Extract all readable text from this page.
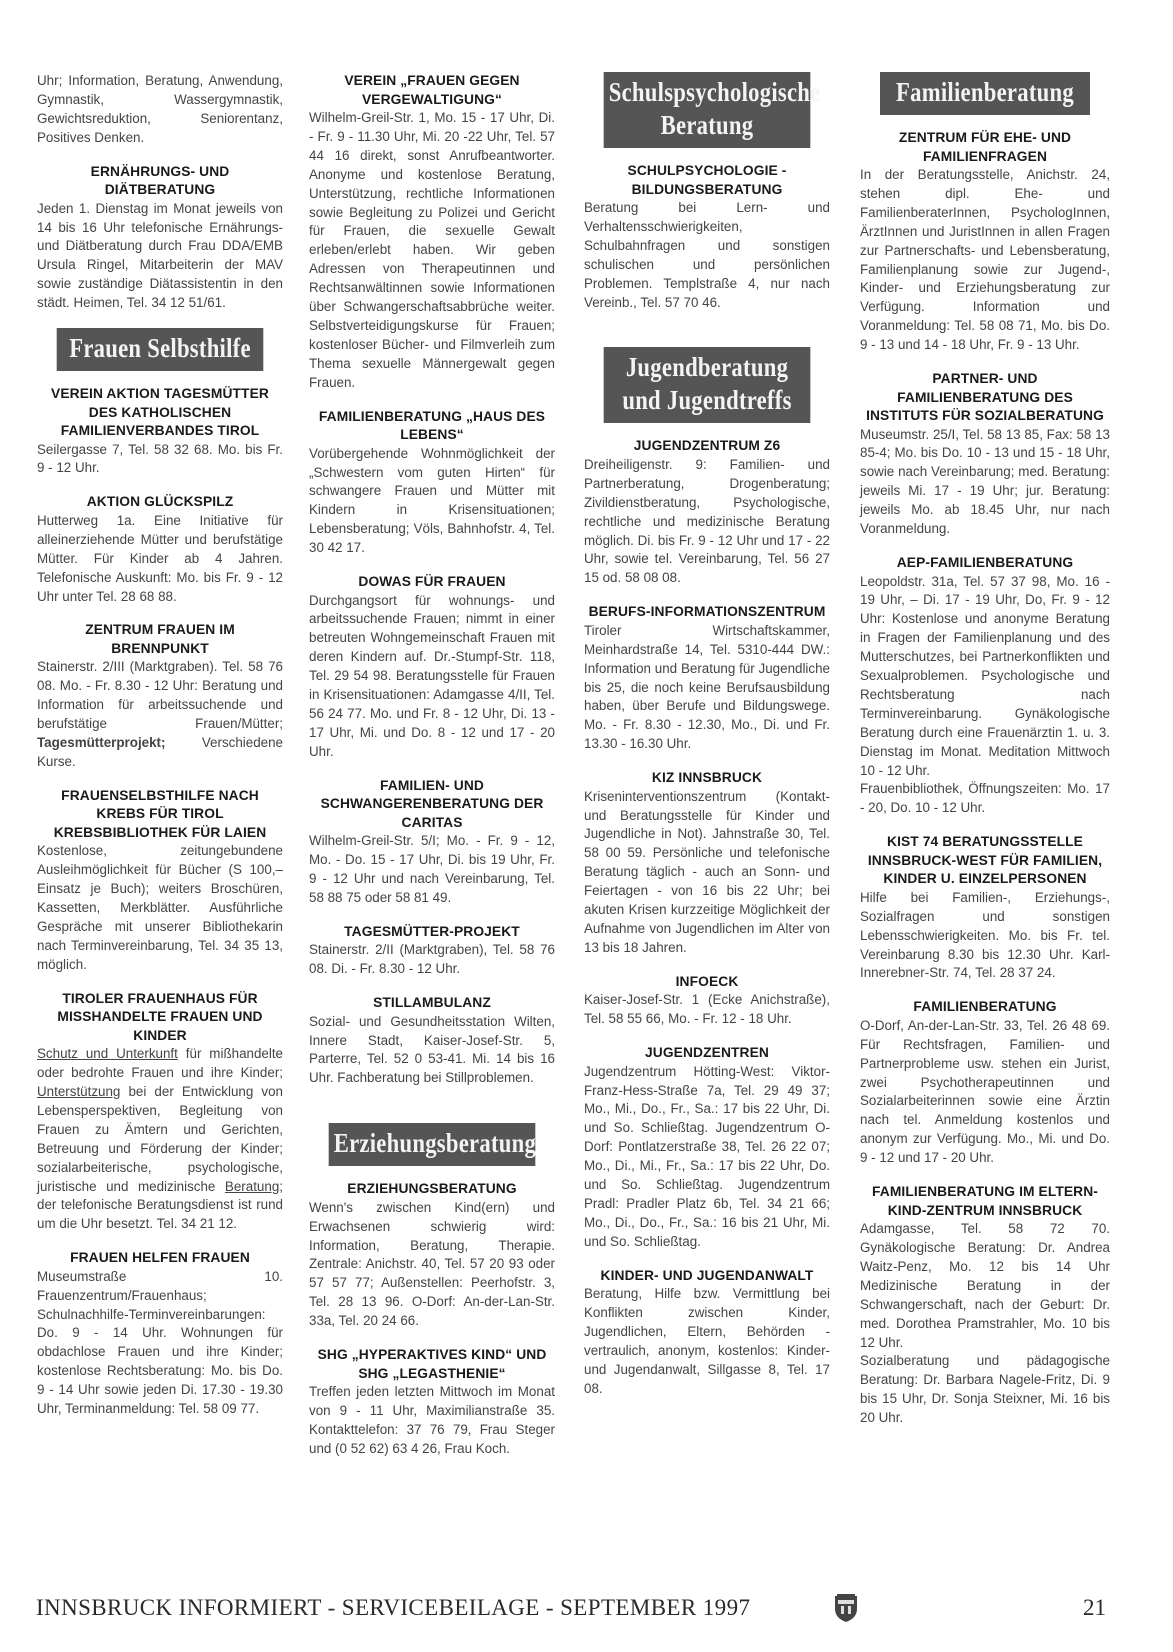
Uhr; Information, Beratung, Anwendung, Gymnastik, Wassergymnastik, Gewichtsreduktion, Seniorentanz, Positives Denken.
ERNÄHRUNGS- UND DIÄTBERATUNG
Jeden 1. Dienstag im Monat jeweils von 14 bis 16 Uhr telefonische Ernährungs- und Diätberatung durch Frau DDA/EMB Ursula Ringel, Mitarbeiterin der MAV sowie zuständige Diätassistentin in den städt. Heimen, Tel. 34 12 51/61.
Frauen Selbsthilfe
VEREIN AKTION TAGESMÜTTER DES KATHOLISCHEN FAMILIENVERBANDES TIROL
Seilergasse 7, Tel. 58 32 68. Mo. bis Fr. 9 - 12 Uhr.
AKTION GLÜCKSPILZ
Hutterweg 1a. Eine Initiative für alleinerziehende Mütter und berufstätige Mütter. Für Kinder ab 4 Jahren. Telefonische Auskunft: Mo. bis Fr. 9 - 12 Uhr unter Tel. 28 68 88.
ZENTRUM FRAUEN IM BRENNPUNKT
Stainerstr. 2/III (Marktgraben). Tel. 58 76 08. Mo. - Fr. 8.30 - 12 Uhr: Beratung und Information für arbeitssuchende und berufstätige Frauen/Mütter; Tagesmütterprojekt;	Verschiedene Kurse.
FRAUENSELBSTHILFE NACH KREBS FÜR TIROL KREBSBIBLIOTHEK FÜR LAIEN
Kostenlose, zeitungebundene Ausleihmöglichkeit für Bücher (S 100,– Einsatz je Buch); weiters Broschüren, Kassetten, Merkblätter. Ausführliche Gespräche mit unserer Bibliothekarin nach Terminvereinbarung, Tel. 34 35 13, möglich.
TIROLER FRAUENHAUS FÜR MISSHANDELTE FRAUEN UND KINDER
Schutz und Unterkunft für mißhandelte oder bedrohte Frauen und ihre Kinder; Unterstützung bei der Entwicklung von Lebensperspektiven, Begleitung von Frauen zu Ämtern und Gerichten, Betreuung und Förderung der Kinder; sozialarbeiterische, psychologische, juristische und medizinische Beratung; der telefonische Beratungsdienst ist rund um die Uhr besetzt. Tel. 34 21 12.
FRAUEN HELFEN FRAUEN
Museumstraße 10. Frauenzentrum/Frauenhaus; Schulnachhilfe-Terminvereinbarungen: Do. 9 - 14 Uhr. Wohnungen für obdachlose Frauen und ihre Kinder; kostenlose Rechtsberatung: Mo. bis Do. 9 - 14 Uhr sowie jeden Di. 17.30 - 19.30 Uhr, Terminanmeldung: Tel. 58 09 77.
VEREIN „FRAUEN GEGEN VERGEWALTIGUNG“
Wilhelm-Greil-Str. 1, Mo. 15 - 17 Uhr, Di. - Fr. 9 - 11.30 Uhr, Mi. 20 -22 Uhr, Tel. 57 44 16 direkt, sonst Anrufbeantworter. Anonyme und kostenlose Beratung, Unterstützung, rechtliche Informationen sowie Begleitung zu Polizei und Gericht für Frauen, die sexuelle Gewalt erleben/erlebt haben. Wir geben Adressen von Therapeutinnen und Rechtsanwältinnen sowie Informationen über Schwangerschaftsabbrüche weiter. Selbstverteidigungskurse für Frauen; kostenloser Bücher- und Filmverleih zum Thema sexuelle Männergewalt gegen Frauen.
FAMILIENBERATUNG „HAUS DES LEBENS“
Vorübergehende Wohnmöglichkeit der „Schwestern vom guten Hirten“ für schwangere Frauen und Mütter mit Kindern in Krisensituationen; Lebensberatung; Völs, Bahnhofstr. 4, Tel. 30 42 17.
DOWAS FÜR FRAUEN
Durchgangsort für wohnungs- und arbeitssuchende Frauen; nimmt in einer betreuten Wohngemeinschaft Frauen mit deren Kindern auf. Dr.-Stumpf-Str. 118, Tel. 29 54 98. Beratungsstelle für Frauen in Krisensituationen: Adamgasse 4/II, Tel. 56 24 77. Mo. und Fr. 8 - 12 Uhr, Di. 13 - 17 Uhr, Mi. und Do. 8 - 12 und 17 - 20 Uhr.
FAMILIEN- UND SCHWANGERENBERATUNG DER CARITAS
Wilhelm-Greil-Str. 5/I; Mo. - Fr. 9 - 12, Mo. - Do. 15 - 17 Uhr, Di. bis 19 Uhr, Fr. 9 - 12 Uhr und nach Vereinbarung, Tel. 58 88 75 oder 58 81 49.
TAGESMÜTTER-PROJEKT
Stainerstr. 2/II (Marktgraben), Tel. 58 76 08. Di. - Fr. 8.30 - 12 Uhr.
STILLAMBULANZ
Sozial- und Gesundheitsstation Wilten, Innere Stadt, Kaiser-Josef-Str. 5, Parterre, Tel. 52 0 53-41. Mi. 14 bis 16 Uhr. Fachberatung bei Stillproblemen.
Erziehungsberatung
ERZIEHUNGSBERATUNG
Wenn's zwischen Kind(ern) und Erwachsenen schwierig wird: Information, Beratung, Therapie. Zentrale: Anichstr. 40, Tel. 57 20 93 oder 57 57 77; Außenstellen: Peerhofstr. 3, Tel. 28 13 96. O-Dorf: An-der-Lan-Str. 33a, Tel. 20 24 66.
SHG „HYPERAKTIVES KIND“ UND SHG „LEGASTHENIE“
Treffen jeden letzten Mittwoch im Monat von 9 - 11 Uhr, Maximilianstraße 35. Kontakttelefon: 37 76 79, Frau Steger und (0 52 62) 63 4 26, Frau Koch.
Schulspsychologische Beratung
SCHULPSYCHOLOGIE - BILDUNGSBERATUNG
Beratung bei Lern- und Verhaltensschwierigkeiten, Schulbahnfragen und sonstigen schulischen und persönlichen Problemen. Templstraße 4, nur nach Vereinb., Tel. 57 70 46.
Jugendberatung und Jugendtreffs
JUGENDZENTRUM Z6
Dreiheiligenstr. 9: Familien- und Partnerberatung, Drogenberatung; Zivildienstberatung, Psychologische, rechtliche und medizinische Beratung möglich. Di. bis Fr. 9 - 12 Uhr und 17 - 22 Uhr, sowie tel. Vereinbarung, Tel. 56 27 15 od. 58 08 08.
BERUFS-INFORMATIONSZENTRUM
Tiroler Wirtschaftskammer, Meinhardstraße 14, Tel. 5310-444 DW.: Information und Beratung für Jugendliche bis 25, die noch keine Berufsausbildung haben, über Berufe und Bildungswege. Mo. - Fr. 8.30 - 12.30, Mo., Di. und Fr. 13.30 - 16.30 Uhr.
KIZ INNSBRUCK
Kriseninterventionszentrum (Kontakt- und Beratungsstelle für Kinder und Jugendliche in Not). Jahnstraße 30, Tel. 58 00 59. Persönliche und telefonische Beratung täglich - auch an Sonn- und Feiertagen - von 16 bis 22 Uhr; bei akuten Krisen kurzzeitige Möglichkeit der Aufnahme von Jugendlichen im Alter von 13 bis 18 Jahren.
INFOECK
Kaiser-Josef-Str. 1 (Ecke Anichstraße), Tel. 58 55 66, Mo. - Fr. 12 - 18 Uhr.
JUGENDZENTREN
Jugendzentrum Hötting-West: Viktor-Franz-Hess-Straße 7a, Tel. 29 49 37; Mo., Mi., Do., Fr., Sa.: 17 bis 22 Uhr, Di. und So. Schließtag. Jugendzentrum O-Dorf: Pontlatzerstraße 38, Tel. 26 22 07; Mo., Di., Mi., Fr., Sa.: 17 bis 22 Uhr, Do. und So. Schließtag. Jugendzentrum Pradl: Pradler Platz 6b, Tel. 34 21 66; Mo., Di., Do., Fr., Sa.: 16 bis 21 Uhr, Mi. und So. Schließtag.
KINDER- UND JUGENDANWALT
Beratung, Hilfe bzw. Vermittlung bei Konflikten zwischen Kinder, Jugendlichen, Eltern, Behörden - vertraulich, anonym, kostenlos: Kinder- und Jugendanwalt, Sillgasse 8, Tel. 17 08.
Familienberatung
ZENTRUM FÜR EHE- UND FAMILIENFRAGEN
In der Beratungsstelle, Anichstr. 24, stehen dipl. Ehe- und FamilienberaterInnen, PsychologInnen, ÄrztInnen und JuristInnen in allen Fragen zur Partnerschafts- und Lebensberatung, Familienplanung sowie zur Jugend-, Kinder- und Erziehungsberatung zur Verfügung. Information und Voranmeldung: Tel. 58 08 71, Mo. bis Do. 9 - 13 und 14 - 18 Uhr, Fr. 9 - 13 Uhr.
PARTNER- UND FAMILIENBERATUNG DES INSTITUTS FÜR SOZIALBERATUNG
Museumstr. 25/I, Tel. 58 13 85, Fax: 58 13 85-4; Mo. bis Do. 10 - 13 und 15 - 18 Uhr, sowie nach Vereinbarung; med. Beratung: jeweils Mi. 17 - 19 Uhr; jur. Beratung: jeweils Mo. ab 18.45 Uhr, nur nach Voranmeldung.
AEP-FAMILIENBERATUNG
Leopoldstr. 31a, Tel. 57 37 98, Mo. 16 - 19 Uhr, – Di. 17 - 19 Uhr, Do, Fr. 9 - 12 Uhr: Kostenlose und anonyme Beratung in Fragen der Familienplanung und des Mutterschutzes, bei Partnerkonflikten und Sexualproblemen. Psychologische und Rechtsberatung nach Terminvereinbarung. Gynäkologische Beratung durch eine Frauenärztin 1. u. 3. Dienstag im Monat. Meditation Mittwoch 10 - 12 Uhr.
Frauenbibliothek, Öffnungszeiten: Mo. 17 - 20, Do. 10 - 12 Uhr.
KIST 74 BERATUNGSSTELLE INNSBRUCK-WEST FÜR FAMILIEN, KINDER U. EINZELPERSONEN
Hilfe bei Familien-, Erziehungs-, Sozialfragen und sonstigen Lebensschwierigkeiten. Mo. bis Fr. tel. Vereinbarung 8.30 bis 12.30 Uhr. Karl-Innerebner-Str. 74, Tel. 28 37 24.
FAMILIENBERATUNG
O-Dorf, An-der-Lan-Str. 33, Tel. 26 48 69. Für Rechtsfragen, Familien- und Partnerprobleme usw. stehen ein Jurist, zwei Psychotherapeutinnen und Sozialarbeiterinnen sowie eine Ärztin nach tel. Anmeldung kostenlos und anonym zur Verfügung. Mo., Mi. und Do. 9 - 12 und 17 - 20 Uhr.
FAMILIENBERATUNG IM ELTERN-KIND-ZENTRUM INNSBRUCK
Adamgasse, Tel. 58 72 70. Gynäkologische Beratung: Dr. Andrea Waitz-Penz, Mo. 12 bis 14 Uhr Medizinische Beratung in der Schwangerschaft, nach der Geburt: Dr. med. Dorothea Pramstrahler, Mo. 10 bis 12 Uhr.
Sozialberatung und pädagogische Beratung: Dr. Barbara Nagele-Fritz, Di. 9 bis 15 Uhr, Dr. Sonja Steixner, Mi. 16 bis 20 Uhr.
INNSBRUCK INFORMIERT - SERVICEBEILAGE - SEPTEMBER 1997	21
